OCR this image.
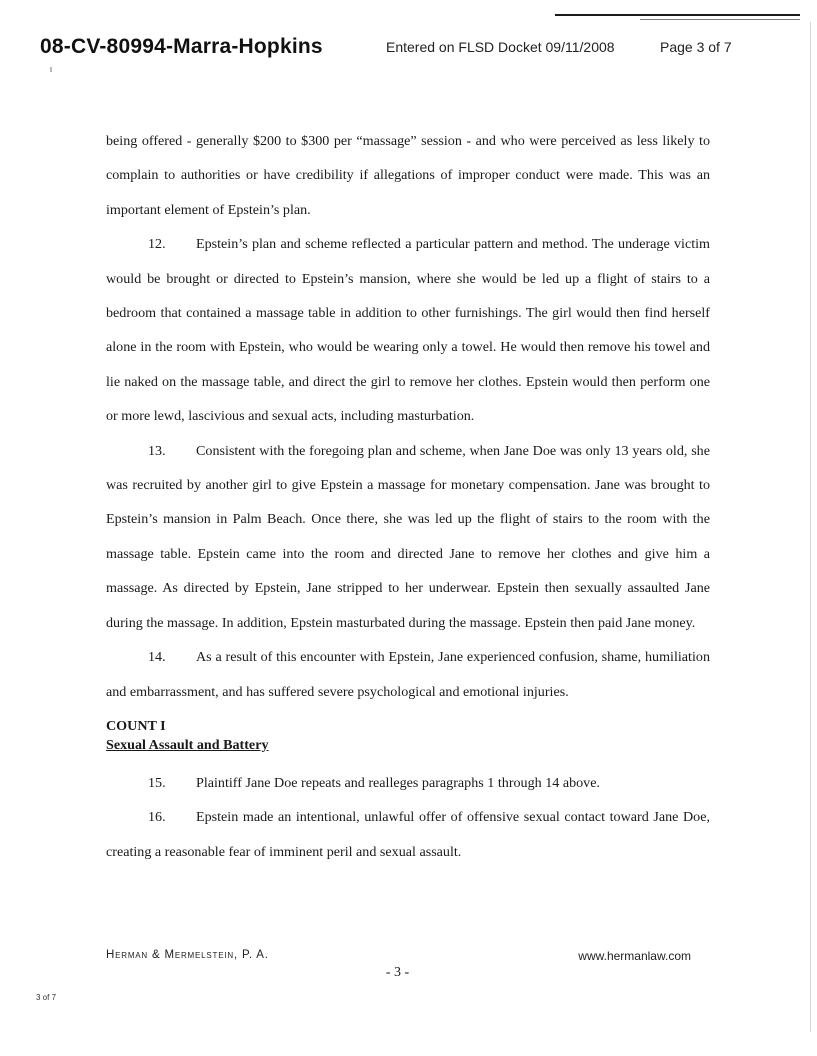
08-CV-80994-Marra-Hopkins	Entered on FLSD Docket 09/11/2008	Page 3 of 7
ι

being offered - generally $200 to $300 per “massage” session - and who were perceived as less likely to complain to authorities or have credibility if allegations of improper conduct were made. This was an important element of Epstein’s plan.

12. Epstein’s plan and scheme reflected a particular pattern and method. The underage victim would be brought or directed to Epstein’s mansion, where she would be led up a flight of stairs to a bedroom that contained a massage table in addition to other furnishings. The girl would then find herself alone in the room with Epstein, who would be wearing only a towel. He would then remove his towel and lie naked on the massage table, and direct the girl to remove her clothes. Epstein would then perform one or more lewd, lascivious and sexual acts, including masturbation.

13. Consistent with the foregoing plan and scheme, when Jane Doe was only 13 years old, she was recruited by another girl to give Epstein a massage for monetary compensation. Jane was brought to Epstein’s mansion in Palm Beach. Once there, she was led up the flight of stairs to the room with the massage table. Epstein came into the room and directed Jane to remove her clothes and give him a massage. As directed by Epstein, Jane stripped to her underwear. Epstein then sexually assaulted Jane during the massage. In addition, Epstein masturbated during the massage. Epstein then paid Jane money.

14. As a result of this encounter with Epstein, Jane experienced confusion, shame, humiliation and embarrassment, and has suffered severe psychological and emotional injuries.

COUNT I
Sexual Assault and Battery

15. Plaintiff Jane Doe repeats and realleges paragraphs 1 through 14 above.

16. Epstein made an intentional, unlawful offer of offensive sexual contact toward Jane Doe, creating a reasonable fear of imminent peril and sexual assault.

Herman & Mermelstein, P. A.	www.hermanlaw.com
- 3 -
3 of 7
